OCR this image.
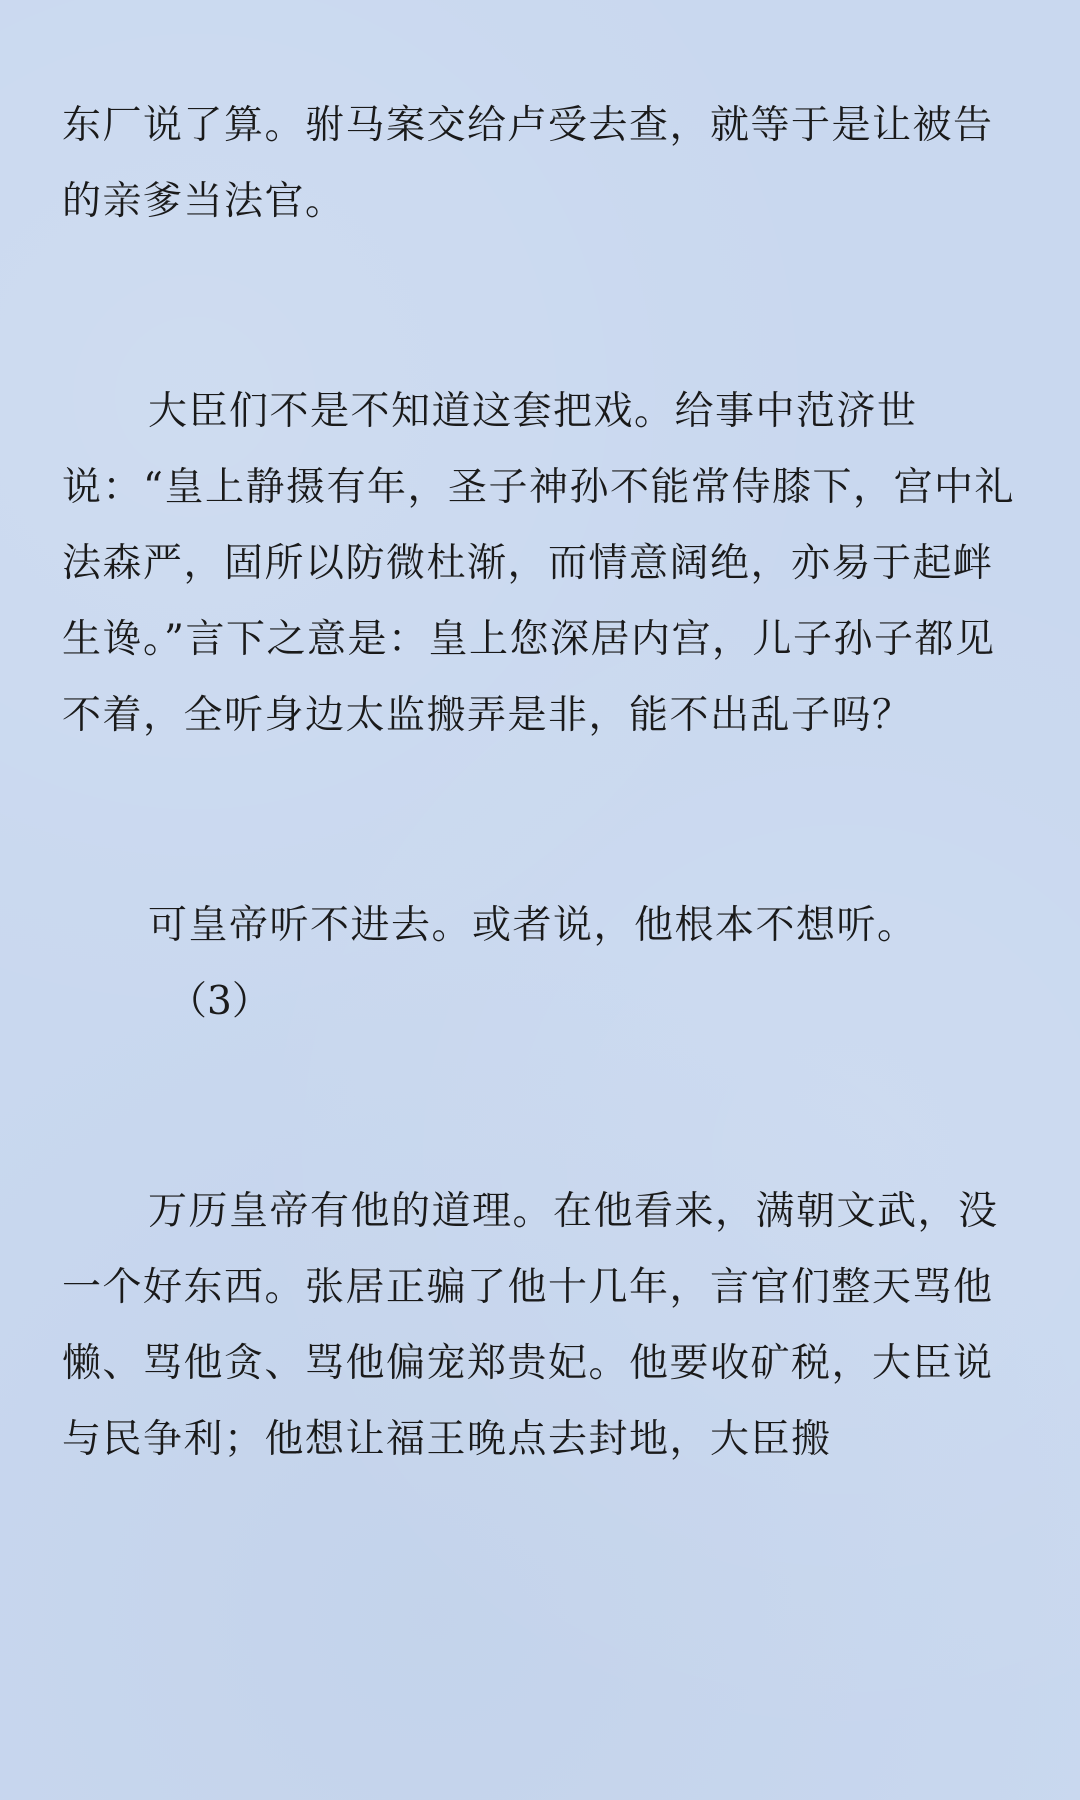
东厂说了算。驸马案交给卢受去查，就等于是让被告的亲爹当法官。

大臣们不是不知道这套把戏。给事中范济世说：“皇上静摄有年，圣子神孙不能常侍膝下，宫中礼法森严，固所以防微杜渐，而情意阔绝，亦易于起衅生谗。”言下之意是：皇上您深居内宫，儿子孙子都见不着，全听身边太监搬弄是非，能不出乱子吗？

可皇帝听不进去。或者说，他根本不想听。

（3）

万历皇帝有他的道理。在他看来，满朝文武，没一个好东西。张居正骗了他十几年，言官们整天骂他懒、骂他贪、骂他偏宠郑贵妃。他要收矿税，大臣说与民争利；他想让福王晚点去封地，大臣搬
